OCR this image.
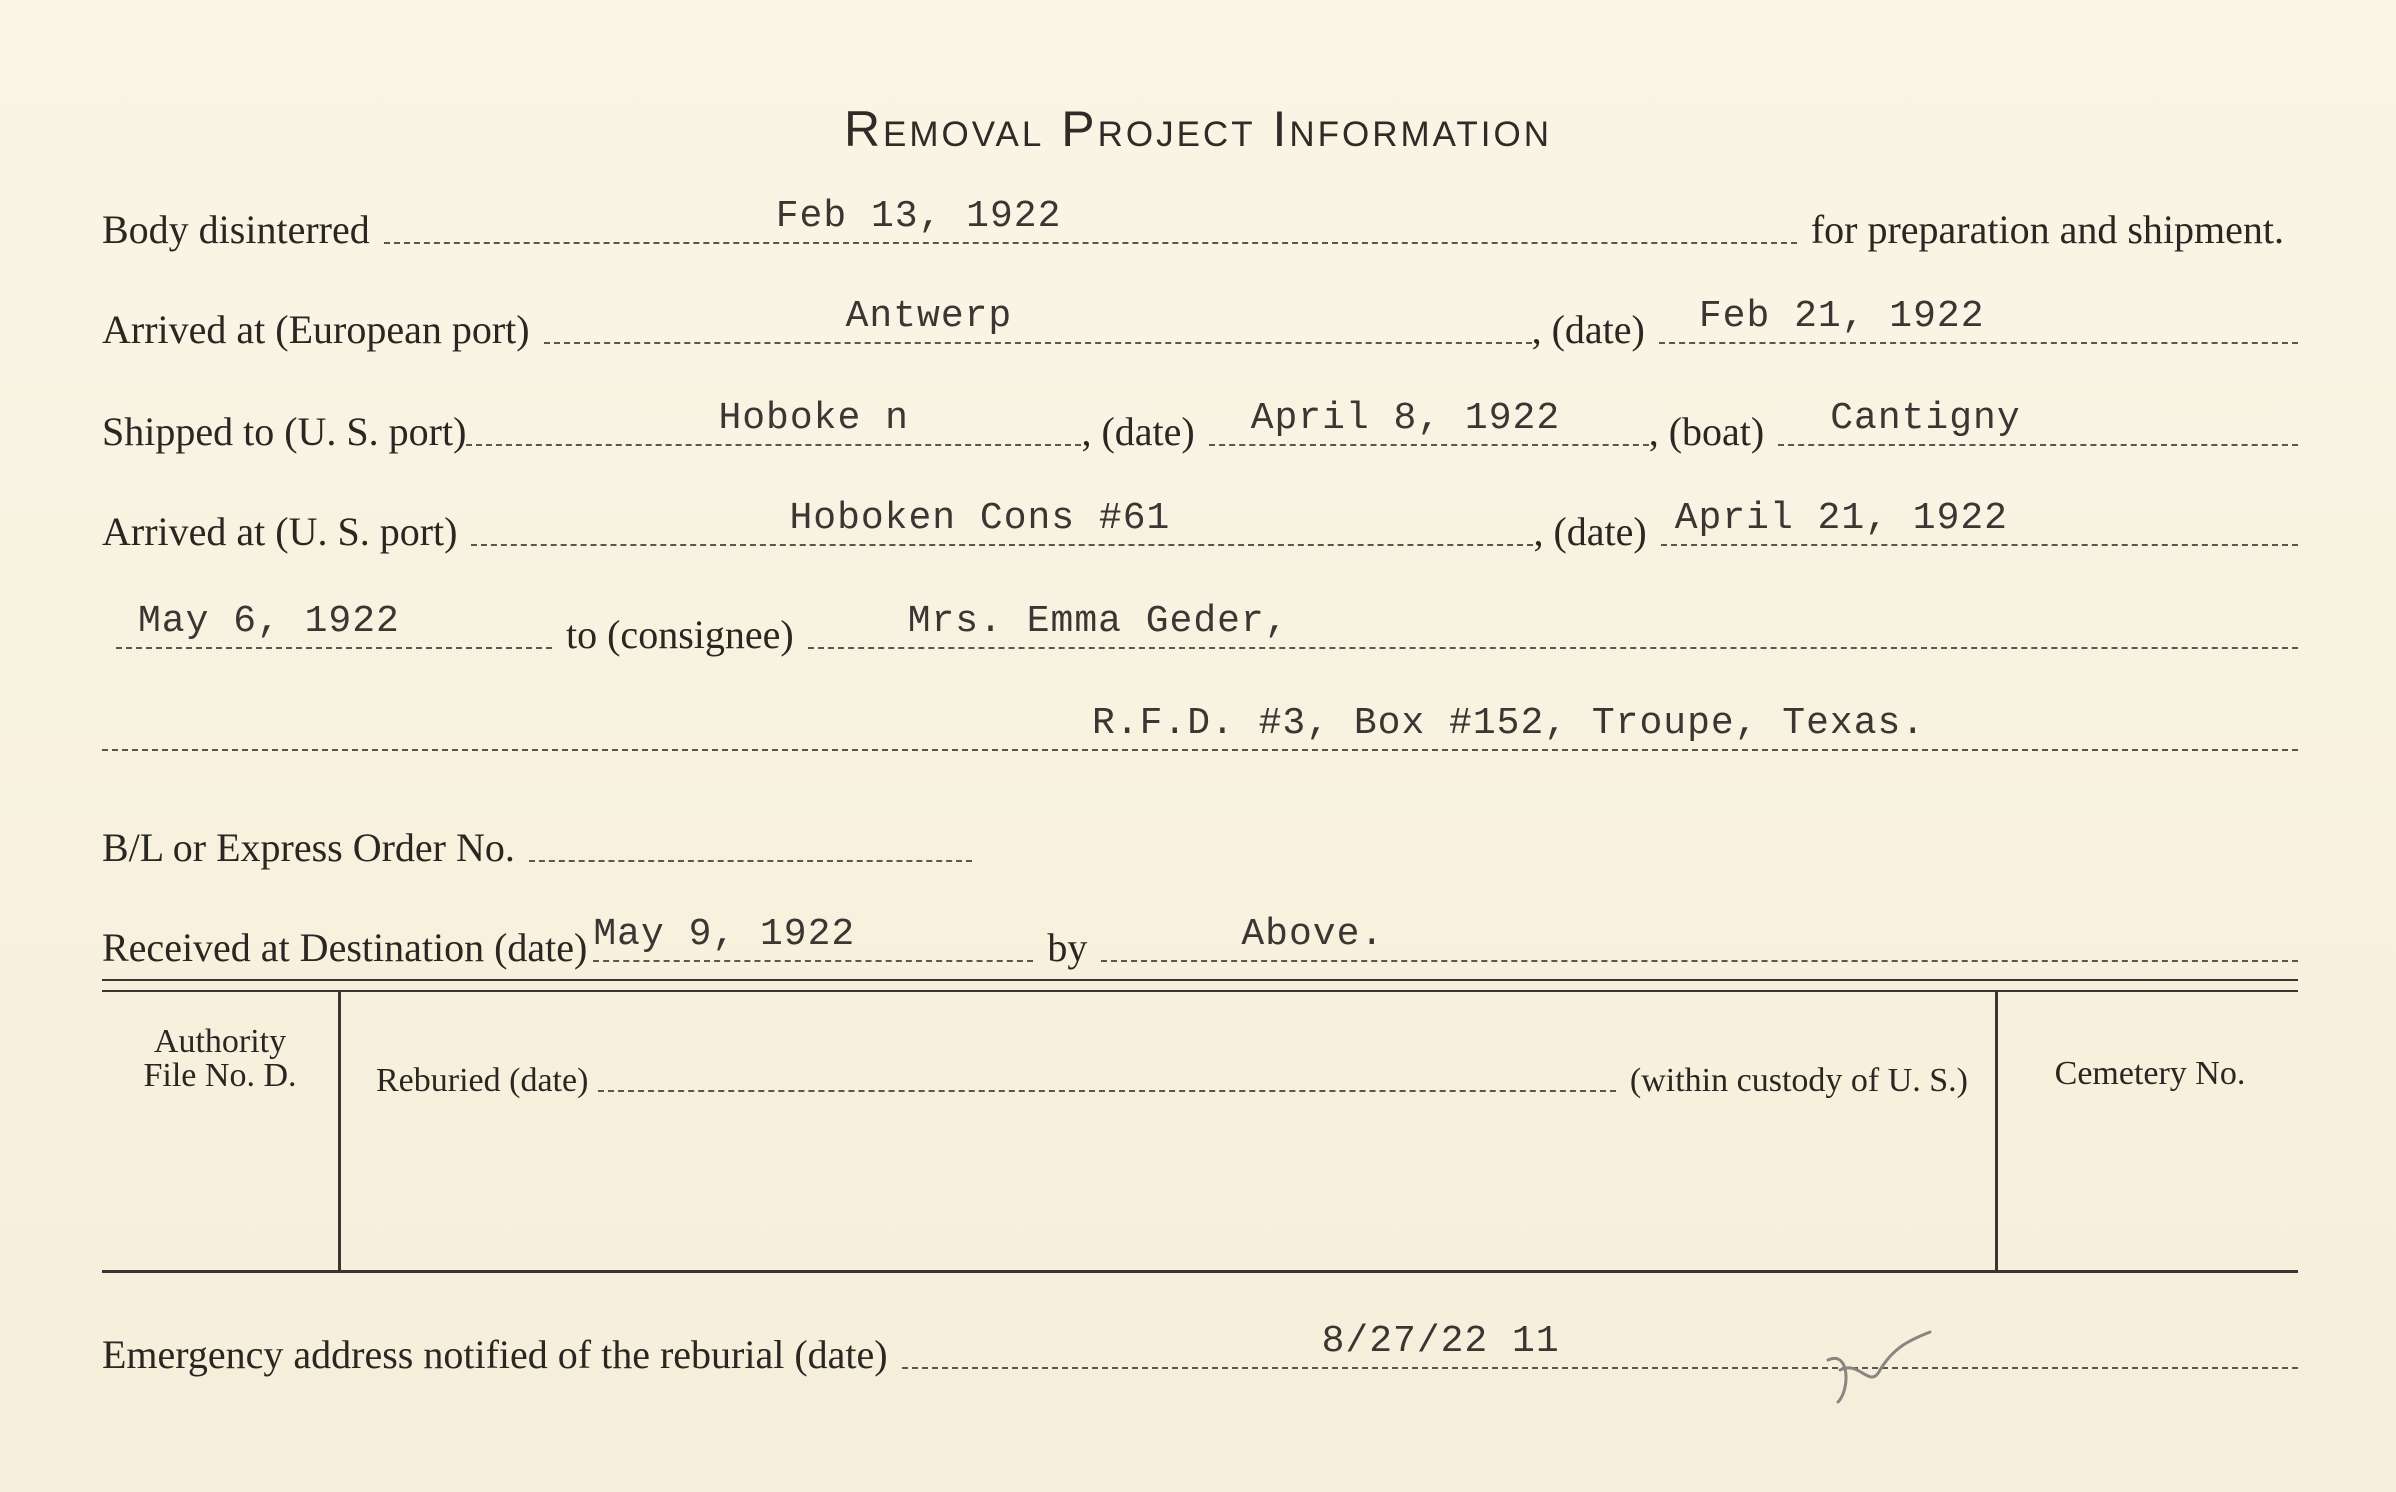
Removal Project Information
Body disinterred	Feb 13, 1922	for preparation and shipment.
Arrived at (European port)	Antwerp	, (date)	Feb 21, 1922
Shipped to (U. S. port)	Hoboke n	, (date)	April 8, 1922 , (boat)	Cantigny
Arrived at (U. S. port)	Hoboken Cons #61	, (date) April 21, 1922
May 6, 1922	to (consignee)	Mrs. Emma Geder,
R.F.D. #3, Box #152, Troupe, Texas.
B/L or Express Order No.
Received at Destination (date) May 9, 1922	by	Above.
Authority
File No. D.	Reburied (date)	(within custody of U. S.)	Cemetery No.
Emergency address notified of the reburial (date)	8/27/22 11
